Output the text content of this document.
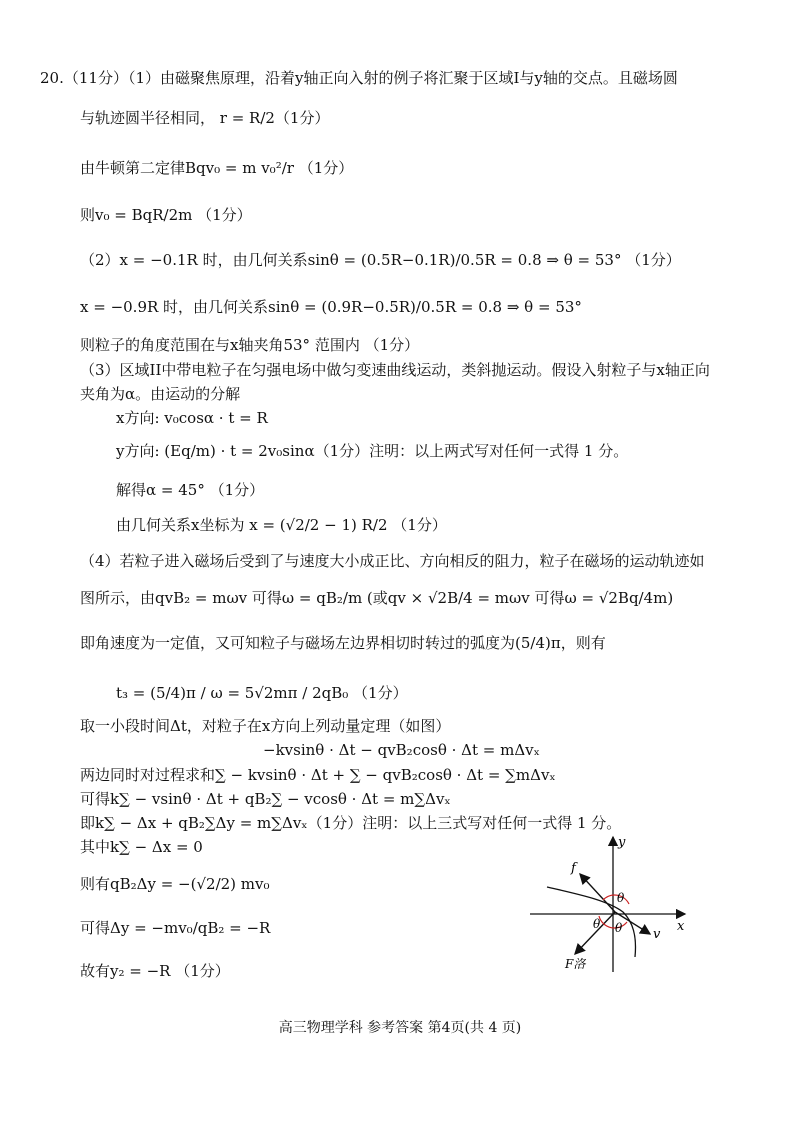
20.（11分）（1）由磁聚焦原理，沿着y轴正向入射的例子将汇聚于区域I与y轴的交点。且磁场圆
与轨迹圆半径相同， r = R/2（1分）
由牛顿第二定律Bqv₀ = m v₀²/r （1分）
则v₀ = BqR/2m （1分）
（2）x = −0.1R 时，由几何关系sinθ = (0.5R−0.1R)/0.5R = 0.8 ⇒ θ = 53° （1分）
x = −0.9R 时，由几何关系sinθ = (0.9R−0.5R)/0.5R = 0.8 ⇒ θ = 53°
则粒子的角度范围在与x轴夹角53° 范围内 （1分）
（3）区域II中带电粒子在匀强电场中做匀变速曲线运动，类斜抛运动。假设入射粒子与x轴正向
夹角为α。由运动的分解
x方向: v₀cosα · t = R
y方向: (Eq/m) · t = 2v₀sinα（1分）注明：以上两式写对任何一式得 1 分。
解得α = 45° （1分）
由几何关系x坐标为 x = (√2/2 − 1) R/2 （1分）
（4）若粒子进入磁场后受到了与速度大小成正比、方向相反的阻力，粒子在磁场的运动轨迹如
图所示，由qvB₂ = mωv 可得ω = qB₂/m (或qv × √2B/4 = mωv 可得ω = √2Bq/4m)
即角速度为一定值，又可知粒子与磁场左边界相切时转过的弧度为(5/4)π，则有
t₃ = (5/4)π / ω = 5√2mπ / 2qB₀ （1分）
取一小段时间Δt，对粒子在x方向上列动量定理（如图）
−kvsinθ · Δt − qvB₂cosθ · Δt = mΔvₓ
两边同时对过程求和∑ − kvsinθ · Δt + ∑ − qvB₂cosθ · Δt = ∑mΔvₓ
可得k∑ − vsinθ · Δt + qB₂∑ − vcosθ · Δt = m∑Δvₓ
即k∑ − Δx + qB₂∑Δy = m∑Δvₓ（1分）注明：以上三式写对任何一式得 1 分。
其中k∑ − Δx = 0
则有qB₂Δy = −(√2/2) mv₀
可得Δy = −mv₀/qB₂ = −R
故有y₂ = −R （1分）
x
y
f
v
F洛
θ
θ θ
高三物理学科 参考答案 第4页(共 4 页)
